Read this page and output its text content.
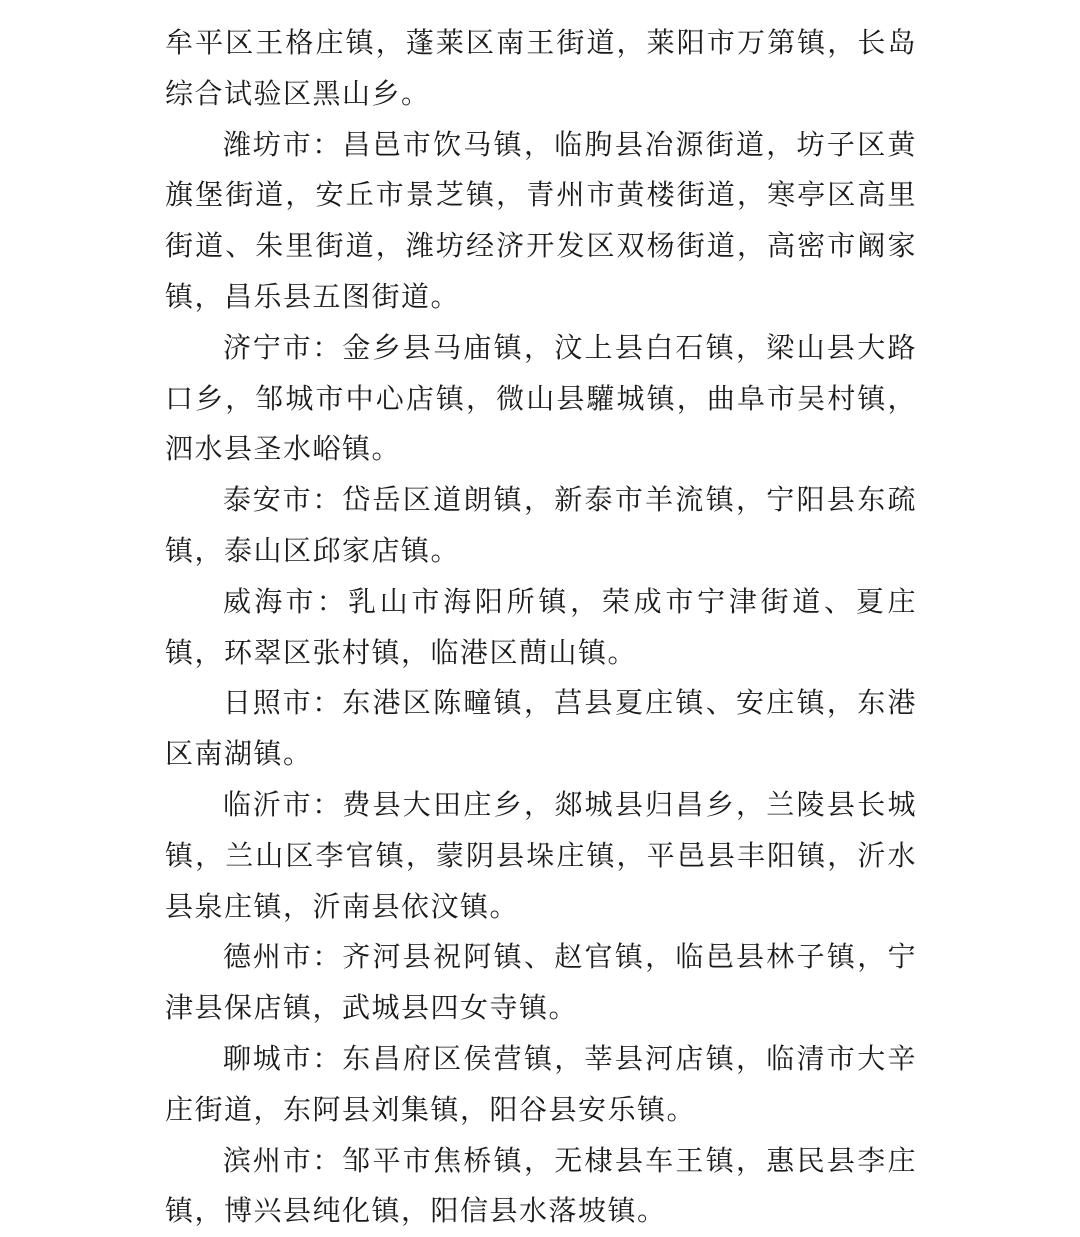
牟平区王格庄镇，蓬莱区南王街道，莱阳市万第镇，长岛综合试验区黑山乡。

潍坊市：昌邑市饮马镇，临朐县冶源街道，坊子区黄旗堡街道，安丘市景芝镇，青州市黄楼街道，寒亭区高里街道、朱里街道，潍坊经济开发区双杨街道，高密市阚家镇，昌乐县五图街道。

济宁市：金乡县马庙镇，汶上县白石镇，梁山县大路口乡，邹城市中心店镇，微山县驩城镇，曲阜市吴村镇，泗水县圣水峪镇。

泰安市：岱岳区道朗镇，新泰市羊流镇，宁阳县东疏镇，泰山区邱家店镇。

威海市：乳山市海阳所镇，荣成市宁津街道、夏庄镇，环翠区张村镇，临港区蔄山镇。

日照市：东港区陈疃镇，莒县夏庄镇、安庄镇，东港区南湖镇。

临沂市：费县大田庄乡，郯城县归昌乡，兰陵县长城镇，兰山区李官镇，蒙阴县垛庄镇，平邑县丰阳镇，沂水县泉庄镇，沂南县依汶镇。

德州市：齐河县祝阿镇、赵官镇，临邑县林子镇，宁津县保店镇，武城县四女寺镇。

聊城市：东昌府区侯营镇，莘县河店镇，临清市大辛庄街道，东阿县刘集镇，阳谷县安乐镇。

滨州市：邹平市焦桥镇，无棣县车王镇，惠民县李庄镇，博兴县纯化镇，阳信县水落坡镇。
